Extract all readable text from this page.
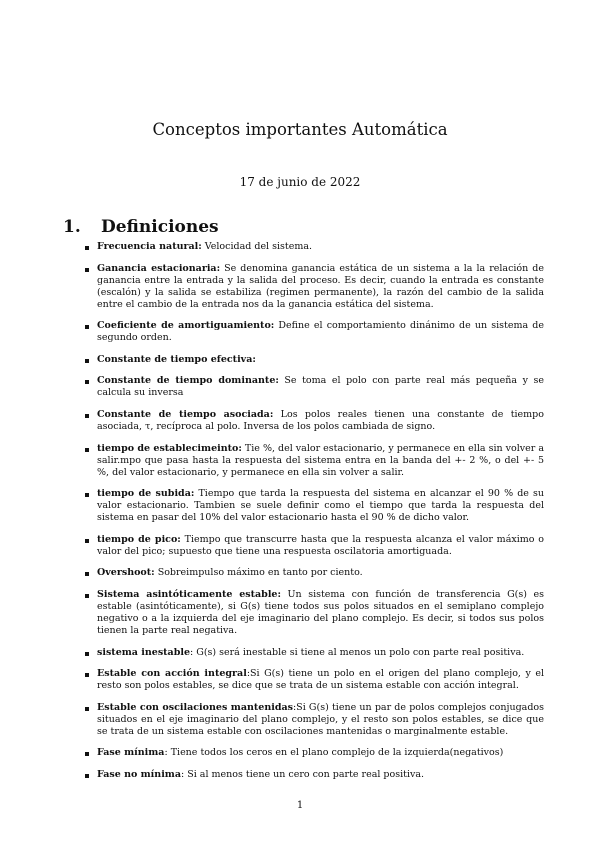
Conceptos importantes Automática

17 de junio de 2022

1. Definiciones
Frecuencia natural: Velocidad del sistema.
Ganancia estacionaria: Se denomina ganancia estática de un sistema a la la relación de ganancia entre la entrada y la salida del proceso. Es decir, cuando la entrada es constante (escalón) y la salida se estabiliza (regimen permanente), la razón del cambio de la salida entre el cambio de la entrada nos da la ganancia estática del sistema.
Coeficiente de amortiguamiento: Define el comportamiento dinánimo de un sistema de segundo orden.
Constante de tiempo efectiva:
Constante de tiempo dominante: Se toma el polo con parte real más pequeña y se calcula su inversa
Constante de tiempo asociada: Los polos reales tienen una constante de tiempo asociada, τ, recíproca al polo. Inversa de los polos cambiada de signo.
tiempo de establecimeinto: Tie %, del valor estacionario, y permanece en ella sin volver a salir.mpo que pasa hasta la respuesta del sistema entra en la banda del +- 2 %, o del +- 5 %, del valor estacionario, y permanece en ella sin volver a salir.
tiempo de subida: Tiempo que tarda la respuesta del sistema en alcanzar el 90 % de su valor estacionario. Tambien se suele definir como el tiempo que tarda la respuesta del sistema en pasar del 10% del valor estacionario hasta el 90 % de dicho valor.
tiempo de pico: Tiempo que transcurre hasta que la respuesta alcanza el valor máximo o valor del pico; supuesto que tiene una respuesta oscilatoria amortiguada.
Overshoot: Sobreimpulso máximo en tanto por ciento.
Sistema asintóticamente estable: Un sistema con función de transferencia G(s) es estable (asintóticamente), si G(s) tiene todos sus polos situados en el semiplano complejo negativo o a la izquierda del eje imaginario del plano complejo. Es decir, si todos sus polos tienen la parte real negativa.
sistema inestable: G(s) será inestable si tiene al menos un polo con parte real positiva.
Estable con acción integral:Si G(s) tiene un polo en el origen del plano complejo, y el resto son polos estables, se dice que se trata de un sistema estable con acción integral.
Estable con oscilaciones mantenidas:Si G(s) tiene un par de polos complejos conjugados situados en el eje imaginario del plano complejo, y el resto son polos estables, se dice que se trata de un sistema estable con oscilaciones mantenidas o marginalmente estable.
Fase mínima: Tiene todos los ceros en el plano complejo de la izquierda(negativos)
Fase no mínima: Si al menos tiene un cero con parte real positiva.
1
